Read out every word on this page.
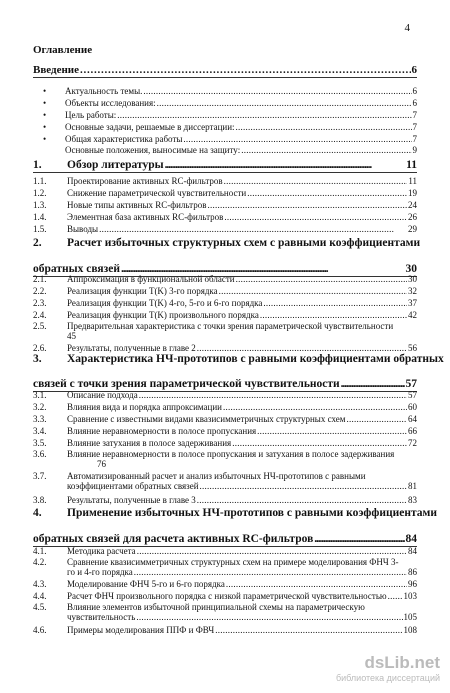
4
Оглавление
Введение . . .	6
•	Актуальность темы. . . .	6
•	Объекты исследования: . . .	6
•	Цель работы: . . .	7
•	Основные задачи, решаемые в диссертации: . . .	7
•	Общая характеристика работы . . .	7
Основные положения, выносимые на защиту: . . .	9
1.	Обзор литературы . . .	11
1.1.	Проектирование активных RC-фильтров . . .	11
1.2.	Снижение параметрической чувствительности . . .	19
1.3.	Новые типы активных RC-фильтров . . .	24
1.4.	Элементная база активных RC-фильтров . . .	26
1.5.	Выводы . . .	29
2.	Расчет избыточных структурных схем с равными коэффициентами
обратных связей . . .	30
2.1.	Аппроксимация в функциональной области . . .	30
2.2.	Реализация функции T(K) 3-го порядка . . .	32
2.3.	Реализация функции T(K) 4-го, 5-го и 6-го порядка . . .	37
2.4.	Реализация функции T(K) произвольного порядка . . .	42
2.5.	Предварительная характеристика с точки зрения параметрической чувствительности
45
2.6.	Результаты, полученные в главе 2 . . .	56
3.	Характеристика НЧ-прототипов с равными коэффициентами обратных
связей с точки зрения параметрической чувствительности . . .	57
3.1.	Описание подхода . . .	57
3.2.	Влияния вида и порядка аппроксимации . . .	60
3.3.	Сравнение с известными видами квазисимметричных структурных схем . . .	64
3.4.	Влияние неравномерности в полосе пропускания . . .	66
3.5.	Влияние затухания в полосе задерживания . . .	72
3.6.	Влияние неравномерности в полосе пропускания и затухания в полосе задерживания
76
3.7.	Автоматизированный расчет и анализ избыточных НЧ-прототипов с равными
коэффициентами обратных связей . . .	81
3.8.	Результаты, полученные в главе 3 . . .	83
4.	Применение избыточных НЧ-прототипов с равными коэффициентами
обратных связей для расчета активных RC-фильтров . . .	84
4.1.	Методика расчета . . .	84
4.2.	Сравнение квазисимметричных структурных схем на примере моделирования ФНЧ 3-
го и 4-го порядка . . .	86
4.3.	Моделирование ФНЧ 5-го и 6-го порядка . . .	96
4.4.	Расчет ФНЧ произвольного порядка с низкой параметрической чувствительностью . . . 103
4.5.	Влияние элементов избыточной принципиальной схемы на параметрическую
чувствительность . . .	105
4.6.	Примеры моделирования ППФ и ФВЧ . . .	108
dsLib.net
библиотека диссертаций
